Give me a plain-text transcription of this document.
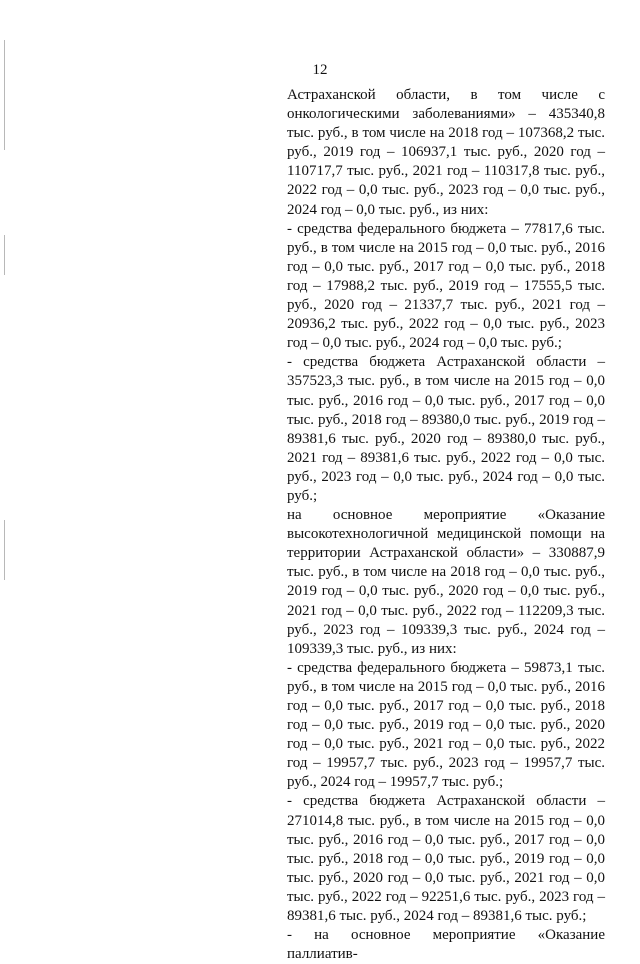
12

Астраханской области, в том числе с онкологическими заболеваниями» – 435340,8 тыс. руб., в том числе на 2018 год – 107368,2 тыс. руб., 2019 год – 106937,1 тыс. руб., 2020 год – 110717,7 тыс. руб., 2021 год – 110317,8 тыс. руб., 2022 год – 0,0 тыс. руб., 2023 год – 0,0 тыс. руб., 2024 год – 0,0 тыс. руб., из них:

- средства федерального бюджета – 77817,6 тыс. руб., в том числе на 2015 год – 0,0 тыс. руб., 2016 год – 0,0 тыс. руб., 2017 год – 0,0 тыс. руб., 2018 год – 17988,2 тыс. руб., 2019 год – 17555,5 тыс. руб., 2020 год – 21337,7 тыс. руб., 2021 год – 20936,2 тыс. руб., 2022 год – 0,0 тыс. руб., 2023 год – 0,0 тыс. руб., 2024 год – 0,0 тыс. руб.;

- средства бюджета Астраханской области – 357523,3 тыс. руб., в том числе на 2015 год – 0,0 тыс. руб., 2016 год – 0,0 тыс. руб., 2017 год – 0,0 тыс. руб., 2018 год – 89380,0 тыс. руб., 2019 год – 89381,6 тыс. руб., 2020 год – 89380,0 тыс. руб., 2021 год – 89381,6 тыс. руб., 2022 год – 0,0 тыс. руб., 2023 год – 0,0 тыс. руб., 2024 год – 0,0 тыс. руб.;

на основное мероприятие «Оказание высокотехнологичной медицинской помощи на территории Астраханской области» – 330887,9 тыс. руб., в том числе на 2018 год – 0,0 тыс. руб., 2019 год – 0,0 тыс. руб., 2020 год – 0,0 тыс. руб., 2021 год – 0,0 тыс. руб., 2022 год – 112209,3 тыс. руб., 2023 год – 109339,3 тыс. руб., 2024 год – 109339,3 тыс. руб., из них:

- средства федерального бюджета – 59873,1 тыс. руб., в том числе на 2015 год – 0,0 тыс. руб., 2016 год – 0,0 тыс. руб., 2017 год – 0,0 тыс. руб., 2018 год – 0,0 тыс. руб., 2019 год – 0,0 тыс. руб., 2020 год – 0,0 тыс. руб., 2021 год – 0,0 тыс. руб., 2022 год – 19957,7 тыс. руб., 2023 год – 19957,7 тыс. руб., 2024 год – 19957,7 тыс. руб.;

- средства бюджета Астраханской области – 271014,8 тыс. руб., в том числе на 2015 год – 0,0 тыс. руб., 2016 год – 0,0 тыс. руб., 2017 год – 0,0 тыс. руб., 2018 год – 0,0 тыс. руб., 2019 год – 0,0 тыс. руб., 2020 год – 0,0 тыс. руб., 2021 год – 0,0 тыс. руб., 2022 год – 92251,6 тыс. руб., 2023 год – 89381,6 тыс. руб., 2024 год – 89381,6 тыс. руб.;

- на основное мероприятие «Оказание паллиатив-
